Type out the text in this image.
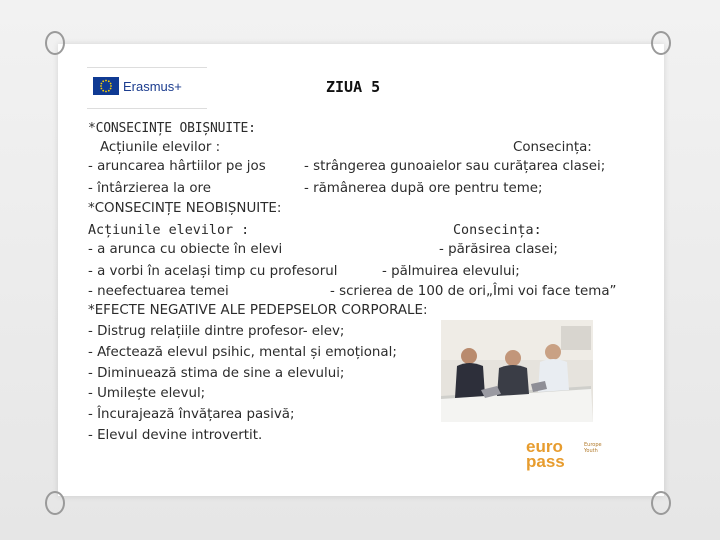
Erasmus+	ZIUA 5
*CONSECINȚE OBIȘNUITE:
Acțiunile elevilor :	Consecința:
- aruncarea hârtiilor pe jos	- strângerea gunoaielor sau curățarea clasei;
- întârzierea la ore	- rămânerea după ore pentru teme;
*CONSECINȚE NEOBIȘNUITE:
Acțiunile elevilor :	Consecința:
- a arunca cu obiecte în elevi	- părăsirea clasei;
- a vorbi în același timp cu profesorul	- pălmuirea elevului;
- neefectuarea temei	- scrierea de 100 de ori„Îmi voi face tema”
*EFECTE NEGATIVE ALE PEDEPSELOR CORPORALE:
- Distrug relațiile dintre profesor- elev;
- Afectează elevul psihic, mental și emoțional;
- Diminuează stima de sine a elevului;
- Umilește elevul;
- Încurajează învățarea pasivă;
- Elevul devine introvertit.
euro
pass
Europe
Youth
